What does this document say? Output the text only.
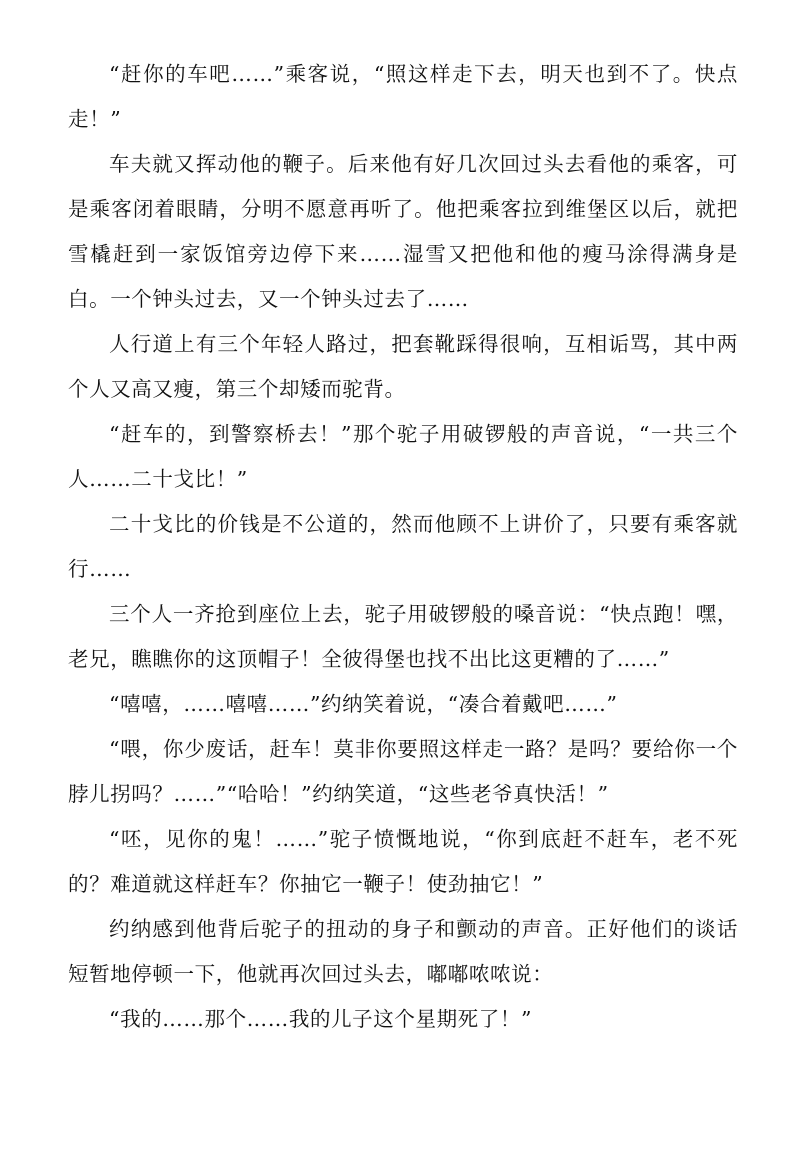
“赶你的车吧……”乘客说，“照这样走下去，明天也到不了。快点走！”

车夫就又挥动他的鞭子。后来他有好几次回过头去看他的乘客，可是乘客闭着眼睛，分明不愿意再听了。他把乘客拉到维堡区以后，就把雪橇赶到一家饭馆旁边停下来……湿雪又把他和他的瘦马涂得满身是白。一个钟头过去，又一个钟头过去了……

人行道上有三个年轻人路过，把套靴踩得很响，互相诟骂，其中两个人又高又瘦，第三个却矮而驼背。

“赶车的，到警察桥去！”那个驼子用破锣般的声音说，“一共三个人……二十戈比！”

二十戈比的价钱是不公道的，然而他顾不上讲价了，只要有乘客就行……

三个人一齐抢到座位上去，驼子用破锣般的嗓音说：“快点跑！嘿，老兄，瞧瞧你的这顶帽子！全彼得堡也找不出比这更糟的了……”

“嘻嘻，……嘻嘻……”约纳笑着说，“凑合着戴吧……”

“喂，你少废话，赶车！莫非你要照这样走一路？是吗？要给你一个脖儿拐吗？……”“哈哈！”约纳笑道，“这些老爷真快活！”

“呸，见你的鬼！……”驼子愤慨地说，“你到底赶不赶车，老不死的？难道就这样赶车？你抽它一鞭子！使劲抽它！”

约纳感到他背后驼子的扭动的身子和颤动的声音。正好他们的谈话短暂地停顿一下，他就再次回过头去，嘟嘟哝哝说：

“我的……那个……我的儿子这个星期死了！”
